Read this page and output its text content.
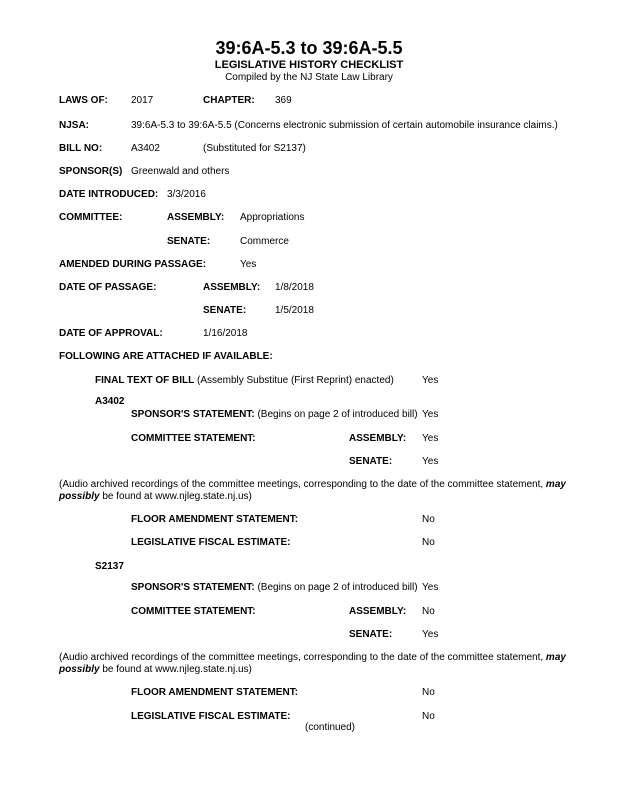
39:6A-5.3 to 39:6A-5.5
LEGISLATIVE HISTORY CHECKLIST
Compiled by the NJ State Law Library
LAWS OF: 2017	CHAPTER: 369
NJSA:	39:6A-5.3 to 39:6A-5.5 (Concerns electronic submission of certain automobile insurance claims.)
BILL NO:	A3402	(Substituted for S2137)
SPONSOR(S) Greenwald and others
DATE INTRODUCED: 3/3/2016
COMMITTEE:	ASSEMBLY: Appropriations
SENATE:	Commerce
AMENDED DURING PASSAGE:	Yes
DATE OF PASSAGE:	ASSEMBLY: 1/8/2018
SENATE:	1/5/2018
DATE OF APPROVAL:	1/16/2018
FOLLOWING ARE ATTACHED IF AVAILABLE:
FINAL TEXT OF BILL (Assembly Substitue (First Reprint) enacted)	Yes
A3402
SPONSOR'S STATEMENT: (Begins on page 2 of introduced bill) Yes
COMMITTEE STATEMENT:	ASSEMBLY: Yes
SENATE:	Yes
(Audio archived recordings of the committee meetings, corresponding to the date of the committee statement, may possibly be found at www.njleg.state.nj.us)
FLOOR AMENDMENT STATEMENT:	No
LEGISLATIVE FISCAL ESTIMATE:	No
S2137
SPONSOR'S STATEMENT: (Begins on page 2 of introduced bill) Yes
COMMITTEE STATEMENT:	ASSEMBLY: No
SENATE:	Yes
(Audio archived recordings of the committee meetings, corresponding to the date of the committee statement, may possibly be found at www.njleg.state.nj.us)
FLOOR AMENDMENT STATEMENT:	No
LEGISLATIVE FISCAL ESTIMATE:	No
(continued)
